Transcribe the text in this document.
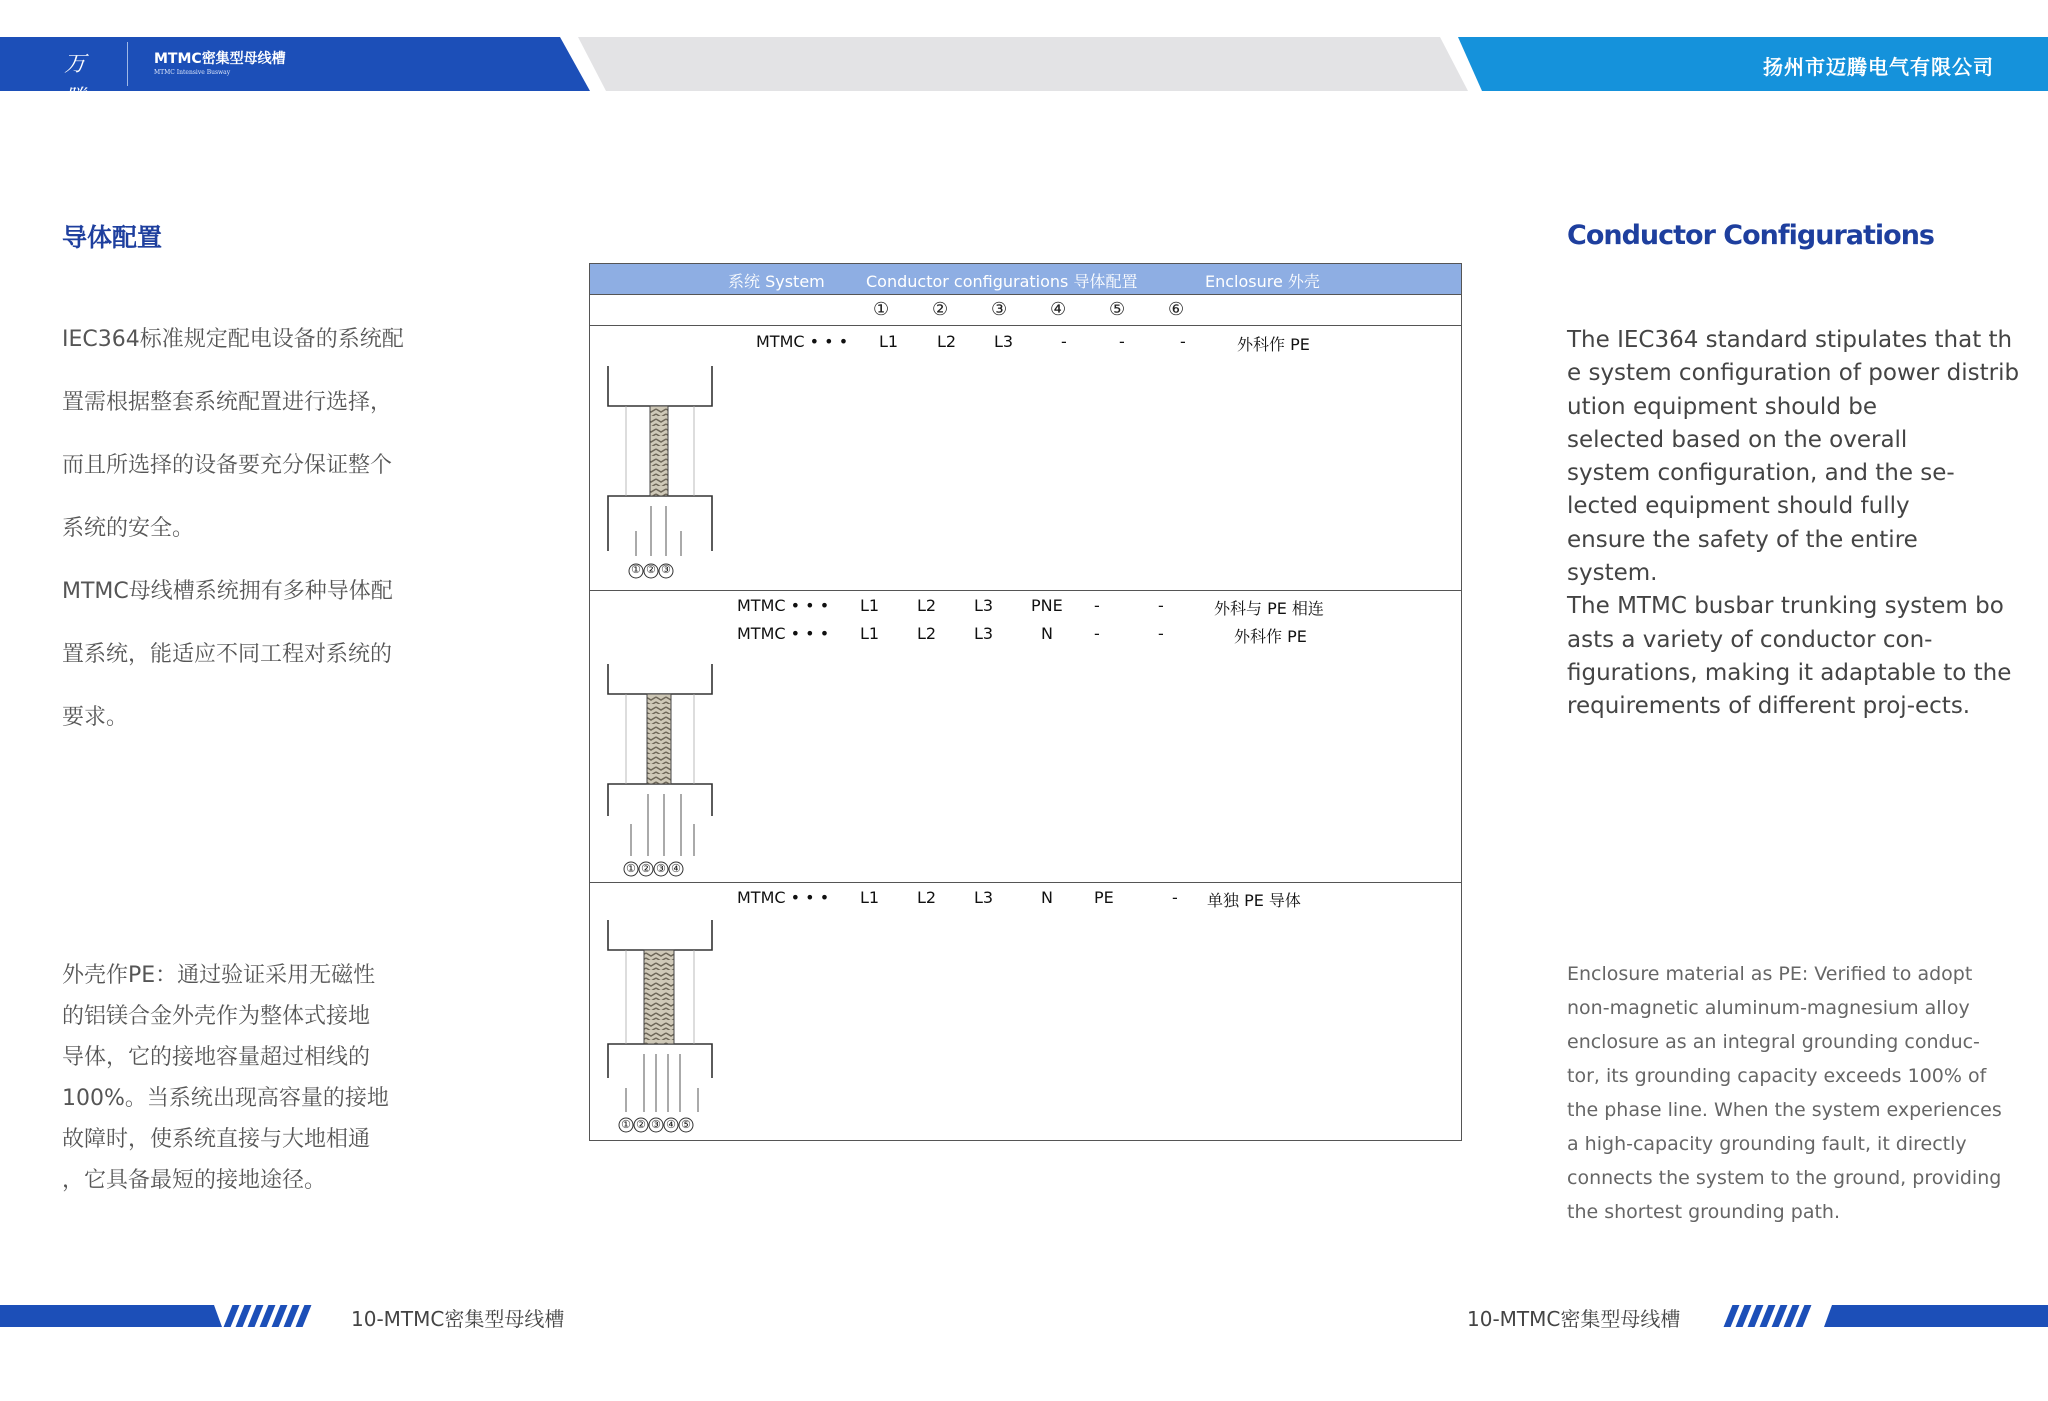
万腾
MTMC密集型母线槽
MTMC Intensive Busway	扬州市迈腾电气有限公司
导体配置
IEC364标准规定配电设备的系统配
置需根据整套系统配置进行选择，
而且所选择的设备要充分保证整个
系统的安全。
MTMC母线槽系统拥有多种导体配
置系统，能适应不同工程对系统的
要求。
外壳作PE：通过验证采用无磁性
的铝镁合金外壳作为整体式接地
导体，它的接地容量超过相线的
100%。当系统出现高容量的接地
故障时，使系统直接与大地相通
，它具备最短的接地途径。
系统 System	Conductor configurations 导体配置	Enclosure 外壳
① ② ③ ④ ⑤ ⑥
MTMC • • • L1 L2 L3	-	-	-	外科作 PE
① ② ③
MTMC • • • L1 L2 L3 PNE -	-	外科与 PE 相连
MTMC • • • L1 L2 L3	N	-	-	外科作 PE
① ② ③ ④
MTMC • • • L1 L2 L3	N	PE	- 单独 PE 导体
① ② ③ ④ ⑤
Conductor Configurations
The IEC364 standard stipulates that th
e system configuration of power distrib
ution equipment should be
selected based on the overall
system configuration, and the se-
lected equipment should fully
ensure the safety of the entire
system.
The MTMC busbar trunking system bo
asts a variety of conductor con-
figurations, making it adaptable to the
requirements of different proj-ects.
Enclosure material as PE: Verified to adopt
non-magnetic aluminum-magnesium alloy
enclosure as an integral grounding conduc-
tor, its grounding capacity exceeds 100% of
the phase line. When the system experiences
a high-capacity grounding fault, it directly
connects the system to the ground, providing
the shortest grounding path.
10-MTMC密集型母线槽	10-MTMC密集型母线槽
